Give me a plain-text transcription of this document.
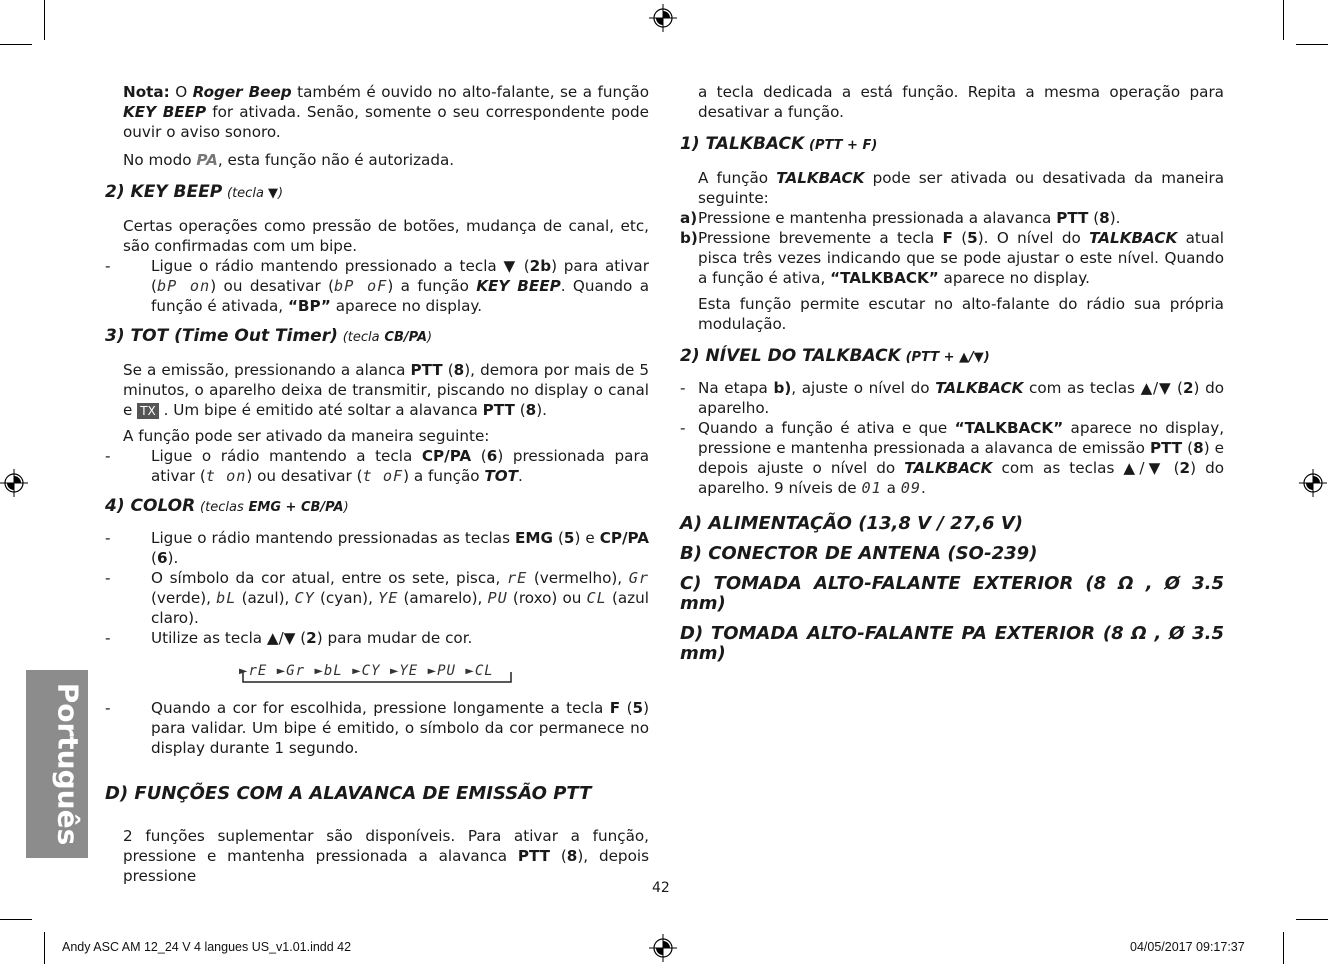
Português

Nota: O Roger Beep também é ouvido no alto-falante, se a função KEY BEEP for ativada. Senão, somente o seu correspondente pode ouvir o aviso sonoro.

No modo PA, esta função não é autorizada.

2) KEY BEEP (tecla ▼)

Certas operações como pressão de botões, mudança de canal, etc, são confirmadas com um bipe.

-	Ligue o rádio mantendo pressionado a tecla ▼ (2b) para ativar (bP on) ou desativar (bP oF) a função KEY BEEP. Quando a função é ativada, “BP” aparece no display.

3) TOT (Time Out Timer) (tecla CB/PA)

Se a emissão, pressionando a alanca PTT (8), demora por mais de 5 minutos, o aparelho deixa de transmitir, piscando no display o canal e TX . Um bipe é emitido até soltar a alavanca PTT (8).

A função pode ser ativado da maneira seguinte:

-	Ligue o rádio mantendo a tecla CP/PA (6) pressionada para ativar (t on) ou desativar (t oF) a função TOT.

4) COLOR (teclas EMG + CB/PA)

-	Ligue o rádio mantendo pressionadas as teclas EMG (5) e CP/PA (6).
-	O símbolo da cor atual, entre os sete, pisca, rE (vermelho), Gr (verde), bL (azul), CY (cyan), YE (amarelo), PU (roxo) ou CL (azul claro).
-	Utilize as tecla ▲/▼ (2) para mudar de cor.
►rE ►Gr ►bL ►CY ►YE ►PU ►CL
-	Quando a cor for escolhida, pressione longamente a tecla F (5) para validar. Um bipe é emitido, o símbolo da cor permanece no display durante 1 segundo.

D) FUNÇÕES COM A ALAVANCA DE EMISSÃO PTT

2 funções suplementar são disponíveis. Para ativar a função, pressione e mantenha pressionada a alavanca PTT (8), depois pressione

a tecla dedicada a está função. Repita a mesma operação para desativar a função.

1) TALKBACK (PTT + F)

A função TALKBACK pode ser ativada ou desativada da maneira seguinte:

a) Pressione e mantenha pressionada a alavanca PTT (8).
b) Pressione brevemente a tecla F (5). O nível do TALKBACK atual pisca três vezes indicando que se pode ajustar o este nível. Quando a função é ativa, “TALKBACK” aparece no display.

Esta função permite escutar no alto-falante do rádio sua própria modulação.

2) NÍVEL DO TALKBACK (PTT + ▲/▼)

- Na etapa b), ajuste o nível do TALKBACK com as teclas ▲/▼ (2) do aparelho.
- Quando a função é ativa e que “TALKBACK” aparece no display, pressione e mantenha pressionada a alavanca de emissão PTT (8) e depois ajuste o nível do TALKBACK com as teclas ▲/▼ (2) do aparelho. 9 níveis de 01 a 09.

A) ALIMENTAÇÃO (13,8 V / 27,6 V)

B) CONECTOR DE ANTENA (SO-239)

C) TOMADA ALTO-FALANTE EXTERIOR (8 Ω , Ø 3.5 mm)

D) TOMADA ALTO-FALANTE PA EXTERIOR (8 Ω , Ø 3.5 mm)

42
Andy ASC AM 12_24 V 4 langues US_v1.01.indd 42	04/05/2017 09:17:37
